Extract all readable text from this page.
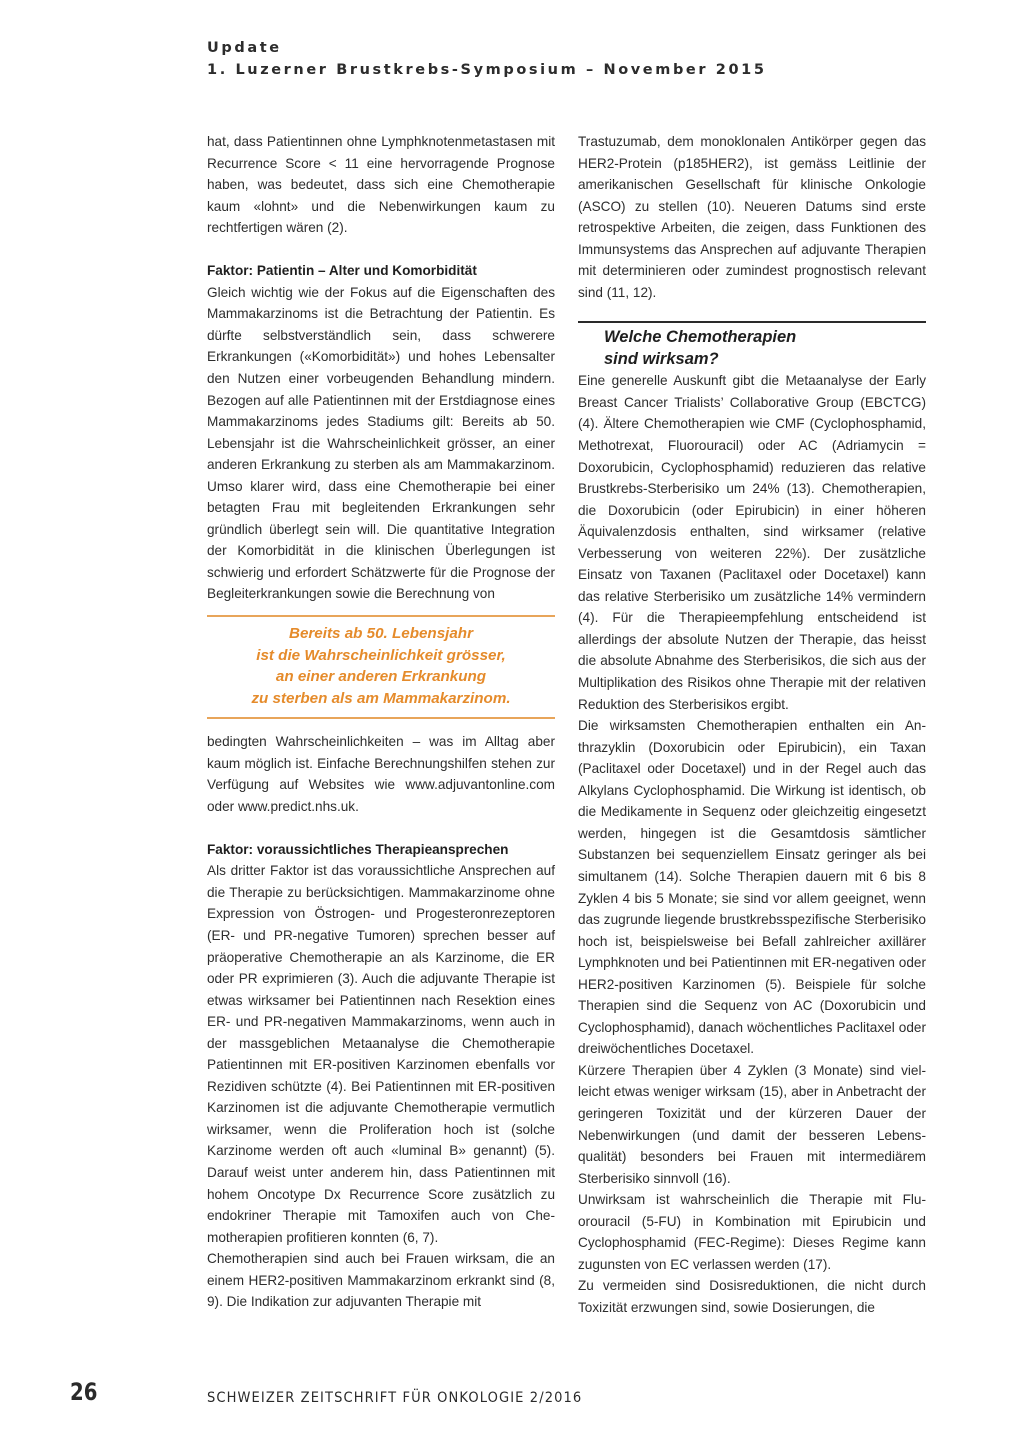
Update
1. Luzerner Brustkrebs-Symposium – November 2015

hat, dass Patientinnen ohne Lymphknotenmetastasen mit Recurrence Score < 11 eine hervorragende Prognose haben, was bedeutet, dass sich eine Chemotherapie kaum «lohnt» und die Nebenwirkungen kaum zu rechtfertigen wären (2).

Faktor: Patientin – Alter und Komorbidität

Gleich wichtig wie der Fokus auf die Eigenschaften des Mammakarzinoms ist die Betrachtung der Patientin. Es dürfte selbstverständlich sein, dass schwerere Erkrankungen («Komorbidität») und hohes Lebensalter den Nutzen einer vorbeugenden Behandlung mindern. Bezogen auf alle Patientinnen mit der Erstdiagnose eines Mammakarzinoms jedes Stadiums gilt: Bereits ab 50. Lebensjahr ist die Wahrscheinlichkeit grösser, an einer anderen Erkrankung zu sterben als am Mammakarzinom. Umso klarer wird, dass eine Chemotherapie bei einer betagten Frau mit begleitenden Erkrankungen sehr gründlich überlegt sein will. Die quantitative Integration der Komorbidität in die klinischen Überlegungen ist schwierig und erfordert Schätzwerte für die Prognose der Begleiterkrankungen sowie die Berechnung von

Bereits ab 50. Lebensjahr
ist die Wahrscheinlichkeit grösser,
an einer anderen Erkrankung
zu sterben als am Mammakarzinom.

bedingten Wahrscheinlichkeiten – was im Alltag aber kaum möglich ist. Einfache Berechnungshilfen stehen zur Verfügung auf Websites wie www.adjuvantonline.com oder www.predict.nhs.uk.

Faktor: voraussichtliches Therapieansprechen

Als dritter Faktor ist das voraussichtliche Ansprechen auf die Therapie zu berücksichtigen. Mammakarzinome ohne Expression von Östrogen- und Progesteronrezeptoren (ER- und PR-negative Tumoren) sprechen besser auf präoperative Chemotherapie an als Karzinome, die ER oder PR exprimieren (3). Auch die adjuvante Therapie ist etwas wirksamer bei Patientinnen nach Resektion eines ER- und PR-negativen Mammakarzinoms, wenn auch in der massgeblichen Metaanalyse die Chemotherapie Patientinnen mit ER-positiven Karzinomen ebenfalls vor Rezidiven schützte (4). Bei Patientinnen mit ER-positiven Karzinomen ist die adjuvante Chemotherapie vermutlich wirksamer, wenn die Proliferation hoch ist (solche Karzinome werden oft auch «luminal B» genannt) (5). Darauf weist unter anderem hin, dass Patientinnen mit hohem Oncotype Dx Recurrence Score zusätzlich zu endokriner Therapie mit Tamoxifen auch von Chemotherapien profitieren konnten (6, 7).

Chemotherapien sind auch bei Frauen wirksam, die an einem HER2-positiven Mammakarzinom erkrankt sind (8, 9). Die Indikation zur adjuvanten Therapie mit

Trastuzumab, dem monoklonalen Antikörper gegen das HER2-Protein (p185HER2), ist gemäss Leitlinie der amerikanischen Gesellschaft für klinische Onkologie (ASCO) zu stellen (10). Neueren Datums sind erste retrospektive Arbeiten, die zeigen, dass Funktionen des Immunsystems das Ansprechen auf adjuvante Therapien mit determinieren oder zumindest prognostisch relevant sind (11, 12).

Welche Chemotherapien
sind wirksam?

Eine generelle Auskunft gibt die Metaanalyse der Early Breast Cancer Trialists’ Collaborative Group (EBCTCG) (4). Ältere Chemotherapien wie CMF (Cyclophosphamid, Methotrexat, Fluorouracil) oder AC (Adriamycin = Doxorubicin, Cyclophosphamid) reduzieren das relative Brustkrebs-Sterberisiko um 24% (13). Chemotherapien, die Doxorubicin (oder Epirubicin) in einer höheren Äquivalenzdosis enthalten, sind wirksamer (relative Verbesserung von weiteren 22%). Der zusätzliche Einsatz von Taxanen (Paclitaxel oder Docetaxel) kann das relative Sterberisiko um zusätzliche 14% vermindern (4). Für die Therapieempfehlung entscheidend ist allerdings der absolute Nutzen der Therapie, das heisst die absolute Abnahme des Sterberisikos, die sich aus der Multiplikation des Risikos ohne Therapie mit der relativen Reduktion des Sterberisikos ergibt.

Die wirksamsten Chemotherapien enthalten ein Anthrazyklin (Doxorubicin oder Epirubicin), ein Taxan (Paclitaxel oder Docetaxel) und in der Regel auch das Alkylans Cyclophosphamid. Die Wirkung ist identisch, ob die Medikamente in Sequenz oder gleichzeitig eingesetzt werden, hingegen ist die Gesamtdosis sämtlicher Substanzen bei sequenziellem Einsatz geringer als bei simultanem (14). Solche Therapien dauern mit 6 bis 8 Zyklen 4 bis 5 Monate; sie sind vor allem geeignet, wenn das zugrunde liegende brustkrebsspezifische Sterberisiko hoch ist, beispielsweise bei Befall zahlreicher axillärer Lymphknoten und bei Patientinnen mit ER-negativen oder HER2-positiven Karzinomen (5). Beispiele für solche Therapien sind die Sequenz von AC (Doxorubicin und Cyclophosphamid), danach wöchentliches Paclitaxel oder dreiwöchentliches Docetaxel.

Kürzere Therapien über 4 Zyklen (3 Monate) sind vielleicht etwas weniger wirksam (15), aber in Anbetracht der geringeren Toxizität und der kürzeren Dauer der Nebenwirkungen (und damit der besseren Lebensqualität) besonders bei Frauen mit intermediärem Sterberisiko sinnvoll (16).

Unwirksam ist wahrscheinlich die Therapie mit Fluorouracil (5-FU) in Kombination mit Epirubicin und Cyclophosphamid (FEC-Regime): Dieses Regime kann zugunsten von EC verlassen werden (17).

Zu vermeiden sind Dosisreduktionen, die nicht durch Toxizität erzwungen sind, sowie Dosierungen, die

26	SCHWEIZER ZEITSCHRIFT FÜR ONKOLOGIE 2/2016
